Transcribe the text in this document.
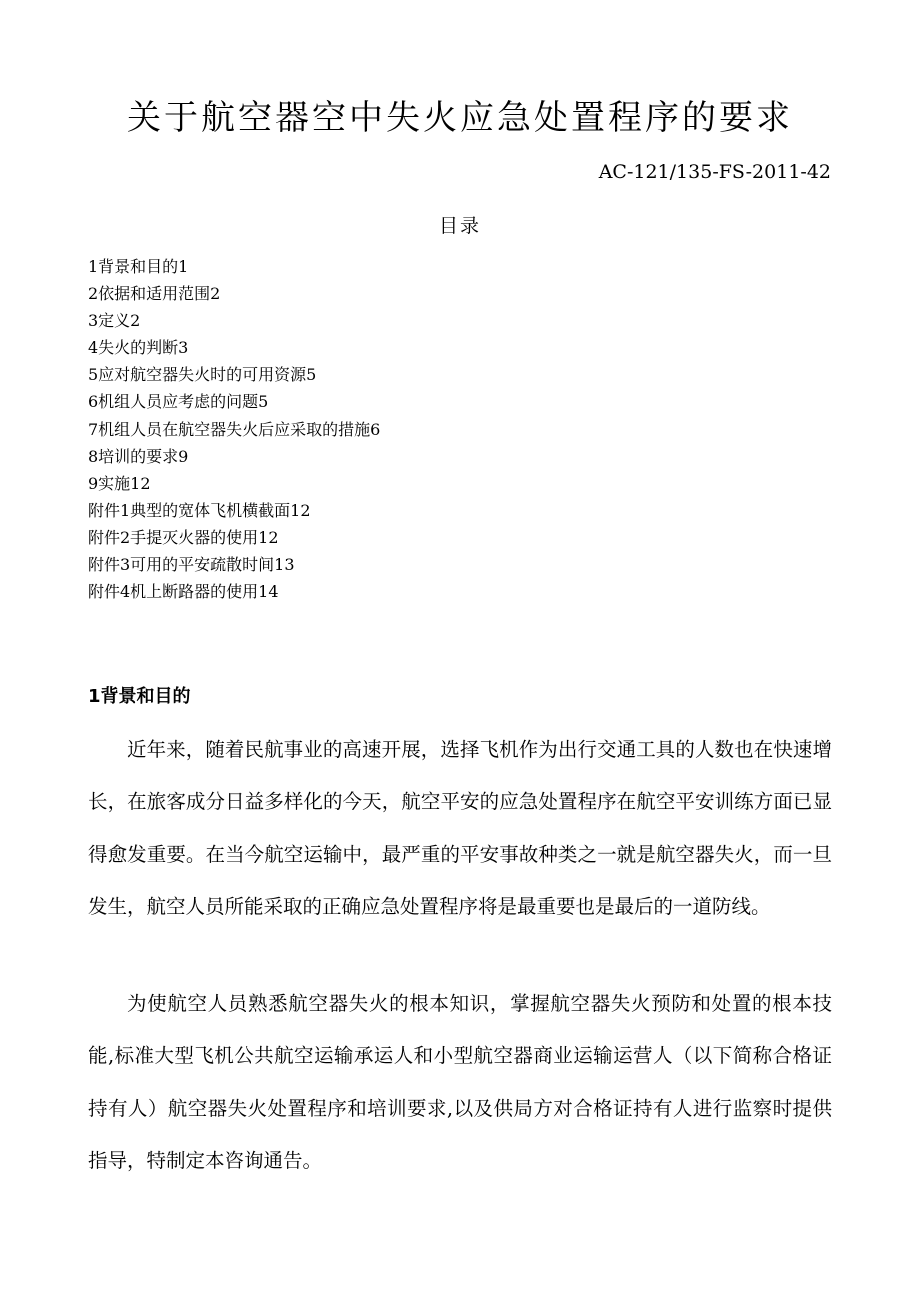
关于航空器空中失火应急处置程序的要求
AC-121/135-FS-2011-42
目录
1背景和目的1
2依据和适用范围2
3定义2
4失火的判断3
5应对航空器失火时的可用资源5
6机组人员应考虑的问题5
7机组人员在航空器失火后应采取的措施6
8培训的要求9
9实施12
附件1典型的宽体飞机横截面12
附件2手提灭火器的使用12
附件3可用的平安疏散时间13
附件4机上断路器的使用14
1背景和目的

近年来，随着民航事业的高速开展，选择飞机作为出行交通工具的人数也在快速增长，在旅客成分日益多样化的今天，航空平安的应急处置程序在航空平安训练方面已显得愈发重要。在当今航空运输中，最严重的平安事故种类之一就是航空器失火，而一旦发生，航空人员所能采取的正确应急处置程序将是最重要也是最后的一道防线。

为使航空人员熟悉航空器失火的根本知识，掌握航空器失火预防和处置的根本技能,标准大型飞机公共航空运输承运人和小型航空器商业运输运营人（以下简称合格证持有人）航空器失火处置程序和培训要求,以及供局方对合格证持有人进行监察时提供指导，特制定本咨询通告。
